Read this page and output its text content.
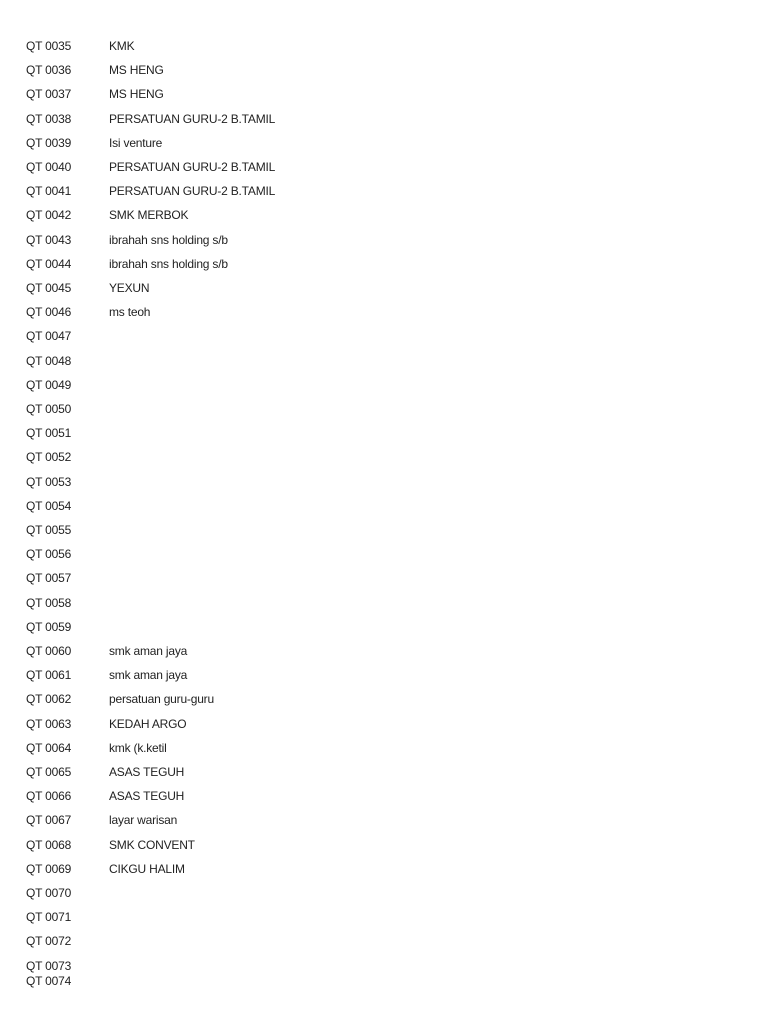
QT 0035	KMK
QT 0036	MS HENG
QT 0037	MS HENG
QT 0038	PERSATUAN GURU-2 B.TAMIL
QT 0039	Isi venture
QT 0040	PERSATUAN GURU-2 B.TAMIL
QT 0041	PERSATUAN GURU-2 B.TAMIL
QT 0042	SMK MERBOK
QT 0043	ibrahah sns holding s/b
QT 0044	ibrahah sns holding s/b
QT 0045	YEXUN
QT 0046	ms teoh
QT 0047
QT 0048
QT 0049
QT 0050
QT 0051
QT 0052
QT 0053
QT 0054
QT 0055
QT 0056
QT 0057
QT 0058
QT 0059
QT 0060	smk aman jaya
QT 0061	smk aman jaya
QT 0062	persatuan guru-guru
QT 0063	KEDAH ARGO
QT 0064	kmk (k.ketil
QT 0065	ASAS TEGUH
QT 0066	ASAS TEGUH
QT 0067	layar warisan
QT 0068	SMK CONVENT
QT 0069	CIKGU HALIM
QT 0070
QT 0071
QT 0072
QT 0073
QT 0074
